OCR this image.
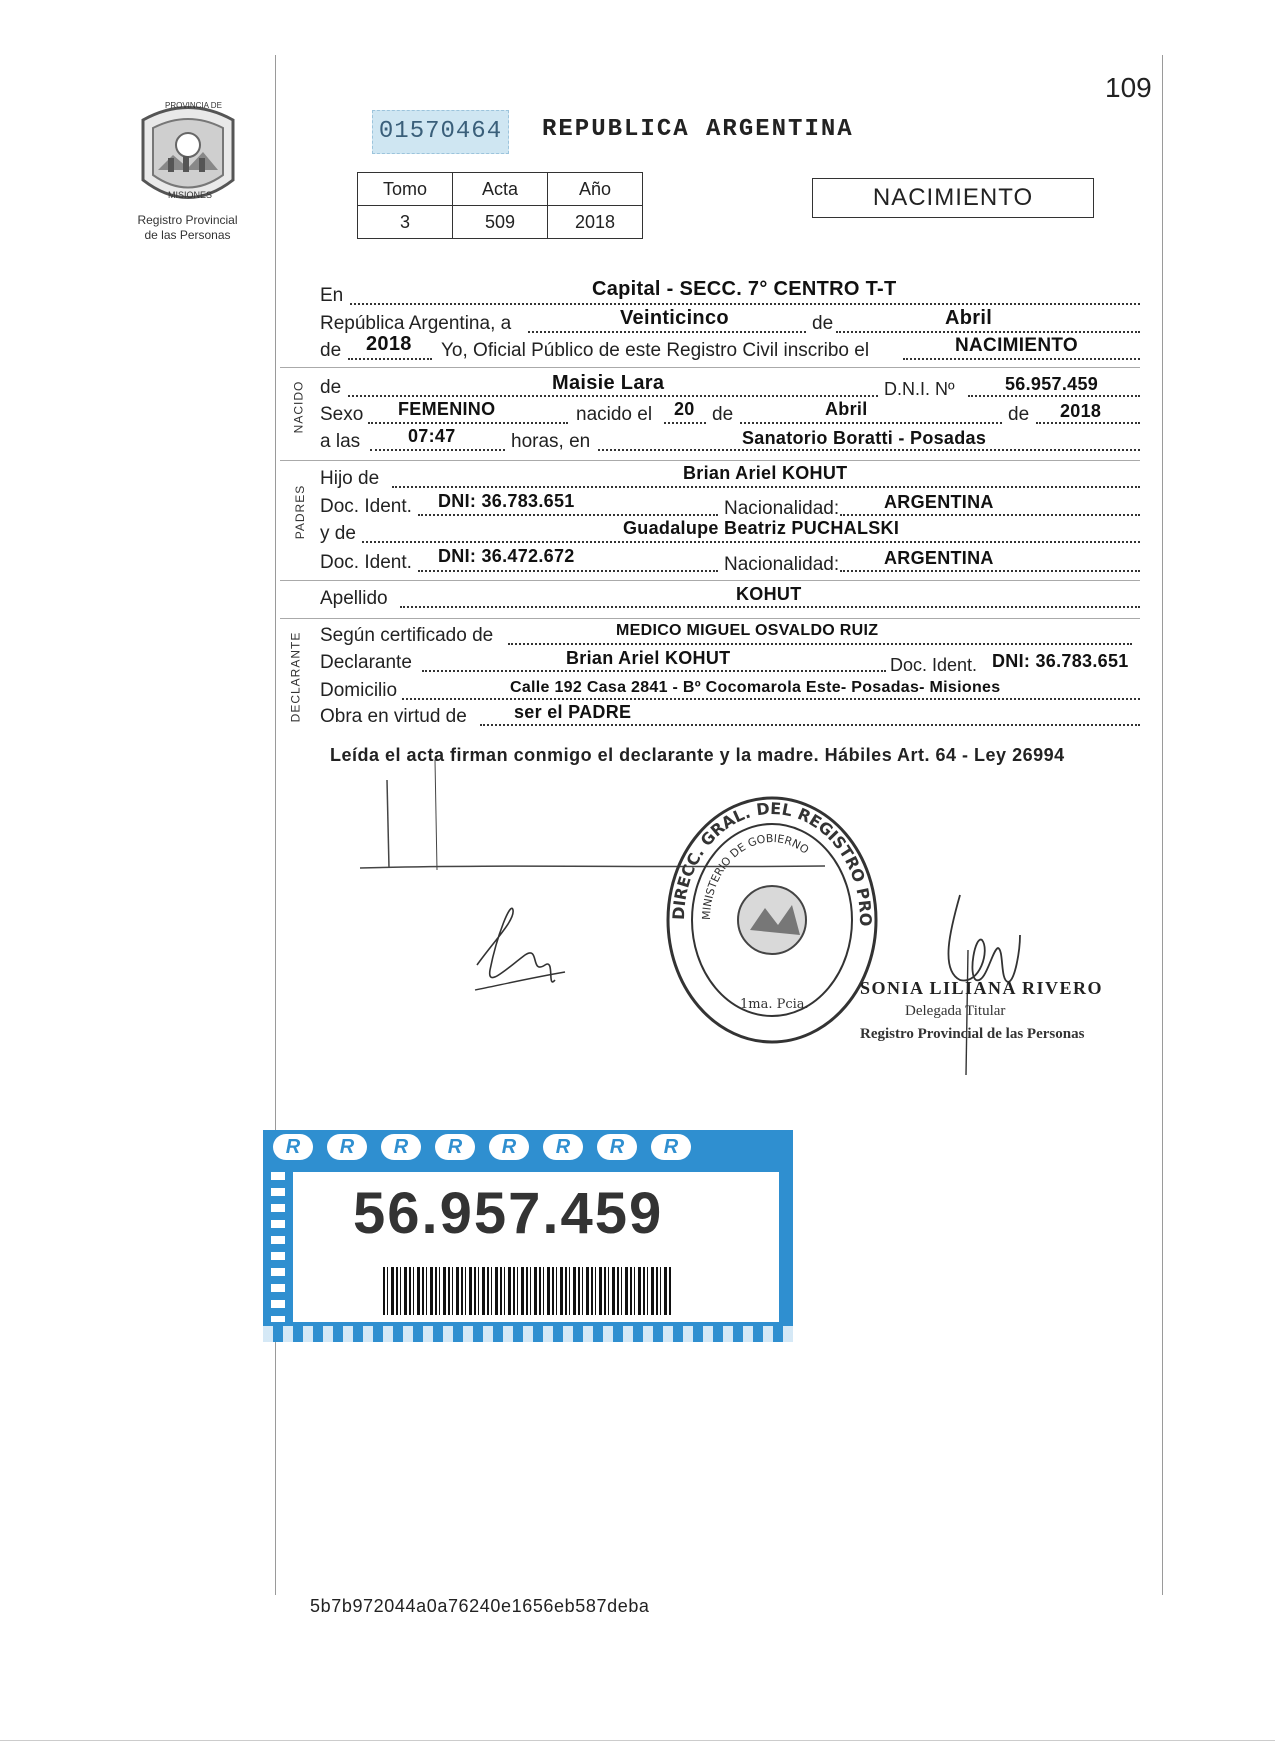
109
PROVINCIA DE
MISIONES
Registro Provincial
de las Personas
01570464 REPUBLICA ARGENTINA
NACIMIENTO
Tomo	Acta	Año
3	509	2018
En	Capital - SECC. 7° CENTRO T-T
República Argentina, a	Veinticinco	de	Abril
de 2018 Yo, Oficial Público de este Registro Civil inscribo el	NACIMIENTO
NACIDO de	Maisie Lara	D.N.I. Nº	56.957.459
Sexo FEMENINO	nacido el 20 de	Abril	de 2018
a las	07:47	horas, en	Sanatorio Boratti - Posadas
PADRES
Hijo de	Brian Ariel KOHUT
Doc. Ident. DNI: 36.783.651	Nacionalidad: ARGENTINA
y de	Guadalupe Beatriz PUCHALSKI
Doc. Ident. DNI: 36.472.672	Nacionalidad: ARGENTINA
Apellido	KOHUT
DECLARANTE Según certificado de	MEDICO MIGUEL OSVALDO RUIZ
Declarante	Brian Ariel KOHUT	Doc. Ident. DNI: 36.783.651
Domicilio	Calle 192 Casa 2841 - Bº Cocomarola Este- Posadas- Misiones
Obra en virtud de	ser el PADRE
Leída el acta firman conmigo el declarante y la madre. Hábiles Art. 64 - Ley 26994
DIRECC. GRAL. DEL REGISTRO PRO
MINISTERIO DE GOBIERNO
1ma. Pcia.
SONIA LILIANA RIVERO
Delegada Titular
Registro Provincial de las Personas
R	R	R	R	R	R	R	R
56.957.459
5b7b972044a0a76240e1656eb587deba
